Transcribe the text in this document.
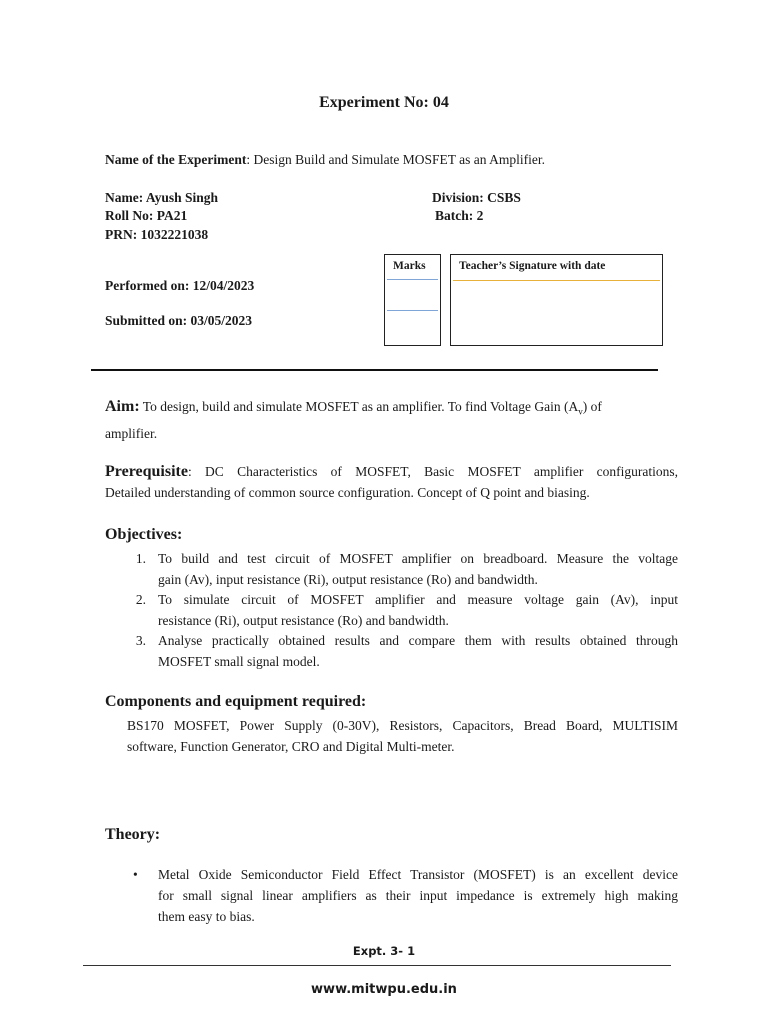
Experiment No: 04
Name of the Experiment: Design Build and Simulate MOSFET as an Amplifier.
Name: Ayush Singh
Roll No: PA21
PRN: 1032221038
Division: CSBS
Batch: 2
Performed on: 12/04/2023
Submitted on: 03/05/2023
Marks	Teacher’s Signature with date
Aim: To design, build and simulate MOSFET as an amplifier. To find Voltage Gain $(A_v)$ of
amplifier.
Prerequisite: DC Characteristics of MOSFET, Basic MOSFET amplifier configurations,
Detailed understanding of common source configuration. Concept of Q point and biasing.
Objectives:
1. To build and test circuit of MOSFET amplifier on breadboard. Measure the voltage
gain (Av), input resistance (Ri), output resistance (Ro) and bandwidth.
2. To simulate circuit of MOSFET amplifier and measure voltage gain (Av), input
resistance (Ri), output resistance (Ro) and bandwidth.
3. Analyse practically obtained results and compare them with results obtained through
MOSFET small signal model.
Components and equipment required:
BS170 MOSFET, Power Supply (0-30V), Resistors, Capacitors, Bread Board, MULTISIM
software, Function Generator, CRO and Digital Multi-meter.
Theory:
• Metal Oxide Semiconductor Field Effect Transistor (MOSFET) is an excellent device
for small signal linear amplifiers as their input impedance is extremely high making
them easy to bias.
Expt. 3- 1
www.mitwpu.edu.in
